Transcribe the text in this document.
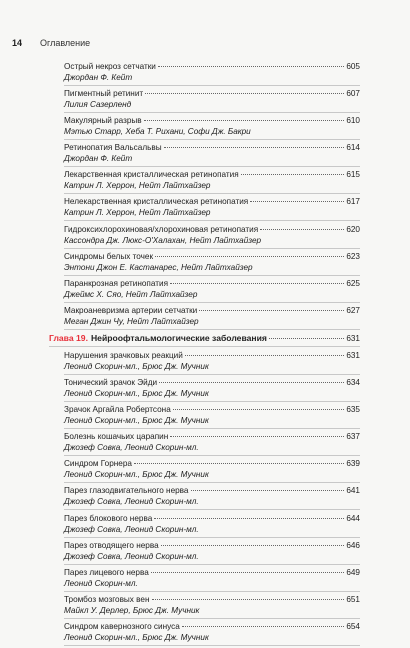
14 Оглавление
Острый некроз сетчатки	605
Джордан Ф. Кейт
Пигментный ретинит	607
Лилия Сазерленд
Макулярный разрыв	610
Мэтью Старр, Хеба Т. Рихани, Софи Дж. Бакри
Ретинопатия Вальсальвы	614
Джордан Ф. Кейт
Лекарственная кристаллическая ретинопатия	615
Катрин Л. Херрон, Нейт Лайтхайзер
Нелекарственная кристаллическая ретинопатия	617
Катрин Л. Херрон, Нейт Лайтхайзер
Гидроксихлорохиновая/хлорохиновая ретинопатия	620
Кассондра Дж. Люкс-О'Халахан, Нейт Лайтхайзер
Синдромы белых точек	623
Энтони Джон Е. Кастанарес, Нейт Лайтхайзер
Паранкрозная ретинопатия	625
Джеймс Х. Сяо, Нейт Лайтхайзер
Макроаневризма артерии сетчатки	627
Меган Джин Чу, Нейт Лайтхайзер
Глава 19. Нейроофтальмологические заболевания	631
Нарушения зрачковых реакций	631
Леонид Скорин-мл., Брюс Дж. Мучник
Тонический зрачок Эйди	634
Леонид Скорин-мл., Брюс Дж. Мучник
Зрачок Аргайла Робертсона	635
Леонид Скорин-мл., Брюс Дж. Мучник
Болезнь кошачьих царапин	637
Джозеф Совка, Леонид Скорин-мл.
Синдром Горнера	639
Леонид Скорин-мл., Брюс Дж. Мучник
Парез глазодвигательного нерва	641
Джозеф Совка, Леонид Скорин-мл.
Парез блокового нерва	644
Джозеф Совка, Леонид Скорин-мл.
Парез отводящего нерва	646
Джозеф Совка, Леонид Скорин-мл.
Парез лицевого нерва	649
Леонид Скорин-мл.
Тромбоз мозговых вен	651
Майкл У. Дерлер, Брюс Дж. Мучник
Синдром кавернозного синуса	654
Леонид Скорин-мл., Брюс Дж. Мучник
